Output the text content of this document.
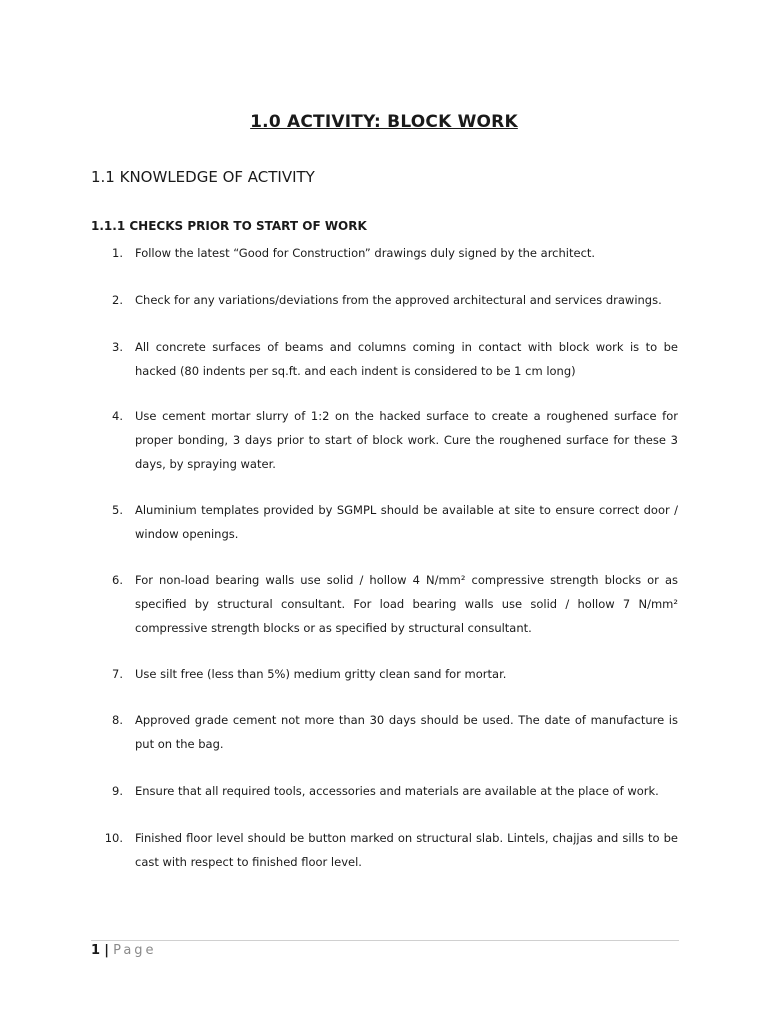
1.0 ACTIVITY: BLOCK WORK
1.1 KNOWLEDGE OF ACTIVITY
1.1.1 CHECKS PRIOR TO START OF WORK
1. Follow the latest “Good for Construction” drawings duly signed by the architect.
2. Check for any variations/deviations from the approved architectural and services drawings.
3. All concrete surfaces of beams and columns coming in contact with block work is to be hacked (80 indents per sq.ft. and each indent is considered to be 1 cm long)
4. Use cement mortar slurry of 1:2 on the hacked surface to create a roughened surface for proper bonding, 3 days prior to start of block work. Cure the roughened surface for these 3 days, by spraying water.
5. Aluminium templates provided by SGMPL should be available at site to ensure correct door / window openings.
6. For non-load bearing walls use solid / hollow 4 N/mm² compressive strength blocks or as specified by structural consultant. For load bearing walls use solid / hollow 7 N/mm² compressive strength blocks or as specified by structural consultant.
7. Use silt free (less than 5%) medium gritty clean sand for mortar.
8. Approved grade cement not more than 30 days should be used. The date of manufacture is put on the bag.
9. Ensure that all required tools, accessories and materials are available at the place of work.
10. Finished floor level should be button marked on structural slab. Lintels, chajjas and sills to be cast with respect to finished floor level.
1 | Page
